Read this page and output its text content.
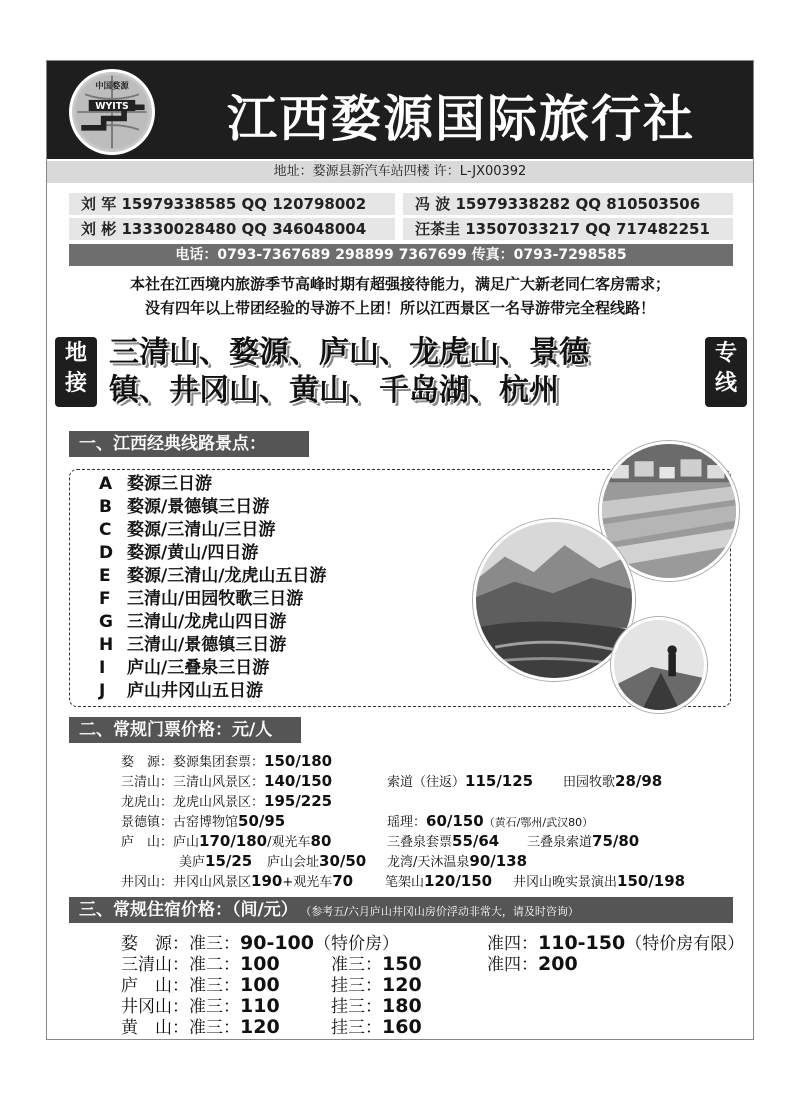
WYITS
中国婺源
江西婺源国际旅行社
地址：婺源县新汽车站四楼 许：L-JX00392
刘 军 15979338585 QQ 120798002	冯 波 15979338282 QQ 810503506
刘 彬 13330028480 QQ 346048004	汪茶圭 13507033217 QQ 717482251
电话：0793-7367689 298899 7367699 传真：0793-7298585
本社在江西境内旅游季节高峰时期有超强接待能力，满足广大新老同仁客房需求；
没有四年以上带团经验的导游不上团！所以江西景区一名导游带完全程线路！
地
接
专
线
三清山、婺源、庐山、龙虎山、景德
镇、井冈山、黄山、千岛湖、杭州
一、江西经典线路景点：
A 婺源三日游
B 婺源/景德镇三日游
C 婺源/三清山/三日游
D 婺源/黄山/四日游
E 婺源/三清山/龙虎山五日游
F 三清山/田园牧歌三日游
G 三清山/龙虎山四日游
H 三清山/景德镇三日游
I 庐山/三叠泉三日游
J 庐山井冈山五日游
二、常规门票价格：元/人
婺　源：婺源集团套票：150/180
三清山：三清山风景区：140/150	索道（往返）115/125 田园牧歌28/98
龙虎山：龙虎山风景区：195/225
景德镇：古窑博物馆50/95	瑶理：60/150（黄石/鄂州/武汉80）
庐　山：庐山170/180/观光车80	三叠泉套票55/64 三叠泉索道75/80
美庐15/25 庐山会址30/50 龙湾/天沐温泉90/138
井冈山：井冈山风景区190+观光车70 笔架山120/150 井冈山晚实景演出150/198
三、常规住宿价格：（间/元） （参考五/六月庐山井冈山房价浮动非常大，请及时咨询）
婺　源：准三：90-100（特价房）	准四：110-150（特价房有限）
三清山：准二：100	准三：150	准四：200
庐　山：准三：100	挂三：120
井冈山：准三：110	挂三：180
黄　山：准三：120	挂三：160
